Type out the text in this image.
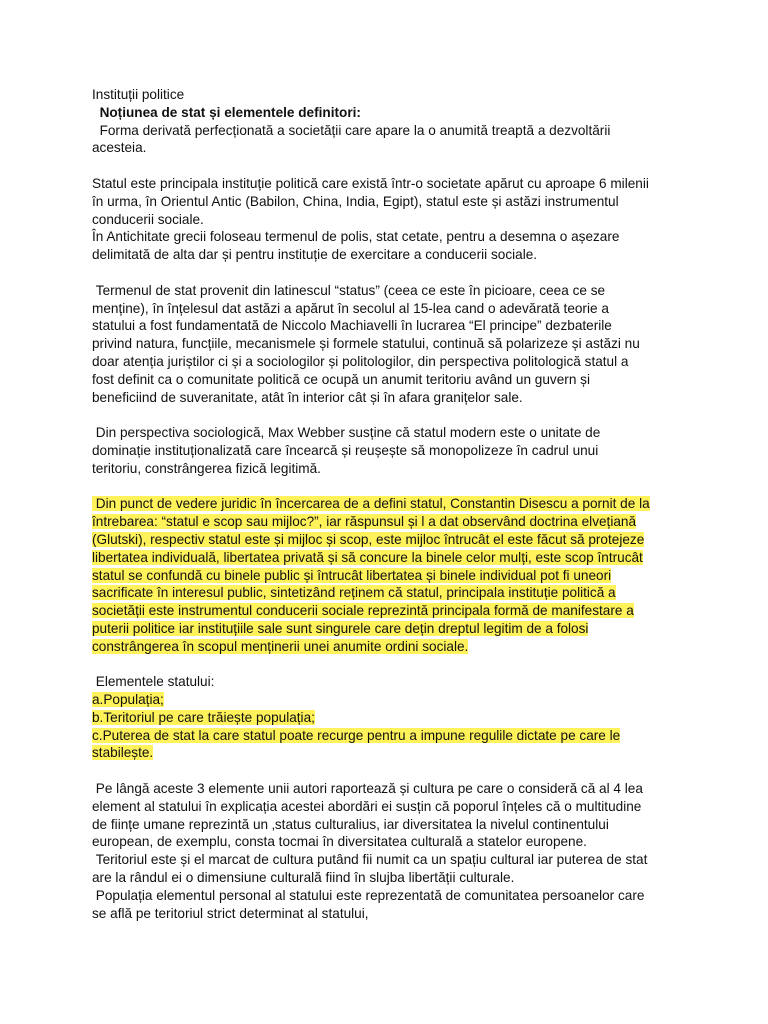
Instituții politice

Noțiunea de stat și elementele definitori:

Forma derivată perfecționată a societății care apare la o anumită treaptă a dezvoltării

acesteia.

Statul este principala instituție politică care există într-o societate apărut cu aproape 6 milenii

în urma, în Orientul Antic (Babilon, China, India, Egipt), statul este și astăzi instrumentul

conducerii sociale.

În Antichitate grecii foloseau termenul de polis, stat cetate, pentru a desemna o așezare

delimitată de alta dar și pentru instituție de exercitare a conducerii sociale.

Termenul de stat provenit din latinescul “status” (ceea ce este în picioare, ceea ce se

menține), în înțelesul dat astăzi a apărut în secolul al 15-lea cand o adevărată teorie a

statului a fost fundamentată de Niccolo Machiavelli în lucrarea “El principe” dezbaterile

privind natura, funcțiile, mecanismele și formele statului, continuă să polarizeze și astăzi nu

doar atenția juriștilor ci și a sociologilor și politologilor, din perspectiva politologică statul a

fost definit ca o comunitate politică ce ocupă un anumit teritoriu având un guvern și

beneficiind de suveranitate, atât în interior cât și în afara granițelor sale.

Din perspectiva sociologică, Max Webber susține că statul modern este o unitate de

dominație instituționalizată care încearcă și reușește să monopolizeze în cadrul unui

teritoriu, constrângerea fizică legitimă.

Din punct de vedere juridic în încercarea de a defini statul, Constantin Disescu a pornit de la

întrebarea: “statul e scop sau mijloc?”, iar răspunsul și l a dat observând doctrina elvețiană

(Glutski), respectiv statul este și mijloc și scop, este mijloc întrucât el este făcut să protejeze

libertatea individuală, libertatea privată și să concure la binele celor mulți, este scop întrucât

statul se confundă cu binele public și întrucât libertatea și binele individual pot fi uneori

sacrificate în interesul public, sintetizând reținem că statul, principala instituție politică a

societății este instrumentul conducerii sociale reprezintă principala formă de manifestare a

puterii politice iar instituțiile sale sunt singurele care dețin dreptul legitim de a folosi

constrângerea în scopul menținerii unei anumite ordini sociale.

Elementele statului:

a.Populația;

b.Teritoriul pe care trăiește populația;

c.Puterea de stat la care statul poate recurge pentru a impune regulile dictate pe care le

stabilește.

Pe lângă aceste 3 elemente unii autori raportează și cultura pe care o consideră că al 4 lea

element al statului în explicația acestei abordări ei susțin că poporul înțeles că o multitudine

de ființe umane reprezintă un ‚status culturalius, iar diversitatea la nivelul continentului

european, de exemplu, consta tocmai în diversitatea culturală a statelor europene.

Teritoriul este și el marcat de cultura putând fii numit ca un spațiu cultural iar puterea de stat

are la rândul ei o dimensiune culturală fiind în slujba libertății culturale.

Populația elementul personal al statului este reprezentată de comunitatea persoanelor care

se află pe teritoriul strict determinat al statului,
